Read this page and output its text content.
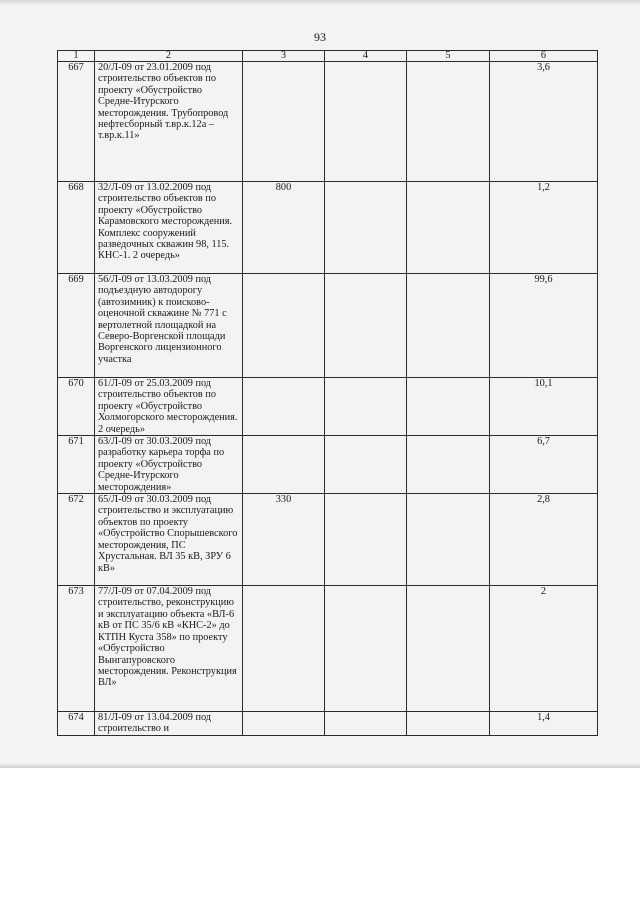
93
1	2	3	4	5	6
667	20/Л-09 от 23.01.2009 под строительство объектов по проекту «Обустройство Средне-Итурского месторождения. Трубопровод нефтесборный т.вр.к.12а – т.вр.к.11»				3,6
668	32/Л-09 от 13.02.2009 под строительство объектов по проекту «Обустройство Карамовского месторождения. Комплекс сооружений разведочных скважин 98, 115. КНС-1. 2 очередь»	800			1,2
669	56/Л-09 от 13.03.2009 под подъездную автодорогу (автозимник) к поисково-оценочной скважине № 771 с вертолетной площадкой на Северо-Воргенской площади Воргенского лицензионного участка				99,6
670	61/Л-09 от 25.03.2009 под строительство объектов по проекту «Обустройство Холмогорского месторождения. 2 очередь»				10,1
671	63/Л-09 от 30.03.2009 под разработку карьера торфа по проекту «Обустройство Средне-Итурского месторождения»				6,7
672	65/Л-09 от 30.03.2009 под строительство и эксплуатацию объектов по проекту «Обустройство Спорышевского месторождения, ПС Хрустальная. ВЛ 35 кВ, ЗРУ 6 кВ»	330			2,8
673	77/Л-09 от 07.04.2009 под строительство, реконструкцию и эксплуатацию объекта «ВЛ-6 кВ от ПС 35/6 кВ «КНС-2» до КТПН Куста 358» по проекту «Обустройство Вынгапуровского месторождения. Реконструкция ВЛ»				2
674	81/Л-09 от 13.04.2009 под строительство и				1,4
